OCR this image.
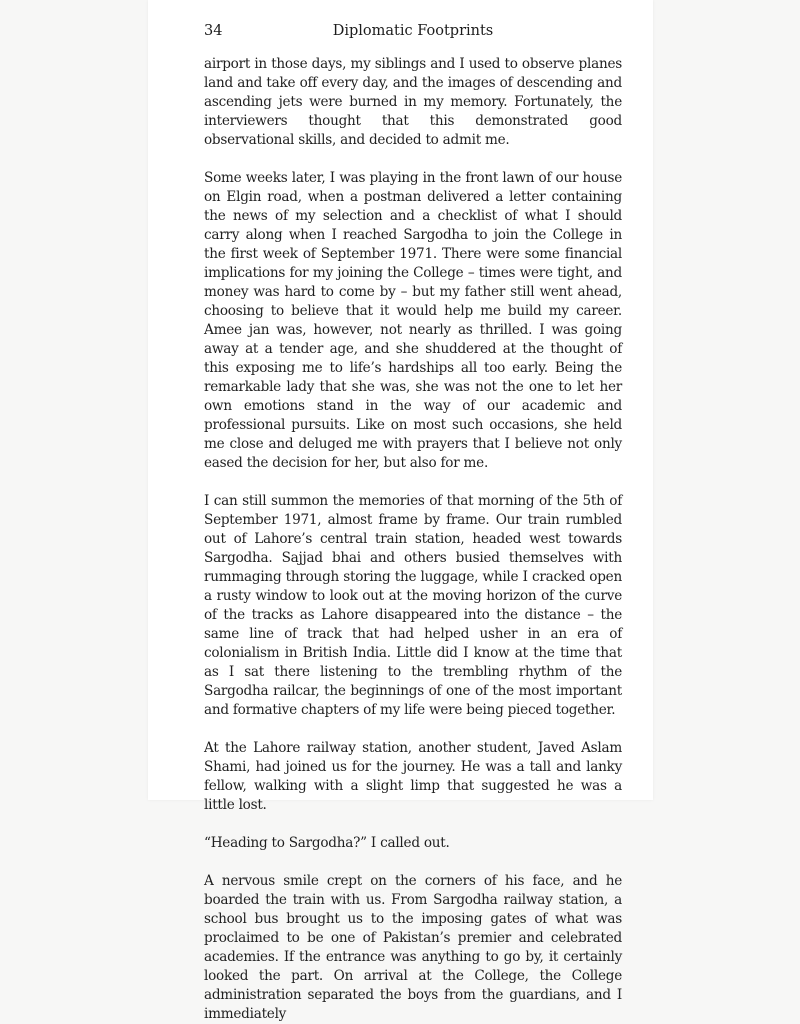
34	Diplomatic Footprints

airport in those days, my siblings and I used to observe planes land and take off every day, and the images of descending and ascending jets were burned in my memory. Fortunately, the interviewers thought that this demonstrated good observational skills, and decided to admit me.

Some weeks later, I was playing in the front lawn of our house on Elgin road, when a postman delivered a letter containing the news of my selection and a checklist of what I should carry along when I reached Sargodha to join the College in the first week of September 1971. There were some financial implications for my joining the College – times were tight, and money was hard to come by – but my father still went ahead, choosing to believe that it would help me build my career. Amee jan was, however, not nearly as thrilled. I was going away at a tender age, and she shuddered at the thought of this exposing me to life’s hardships all too early. Being the remarkable lady that she was, she was not the one to let her own emotions stand in the way of our academic and professional pursuits. Like on most such occasions, she held me close and deluged me with prayers that I believe not only eased the decision for her, but also for me.

I can still summon the memories of that morning of the 5th of September 1971, almost frame by frame. Our train rumbled out of Lahore’s central train station, headed west towards Sargodha. Sajjad bhai and others busied themselves with rummaging through storing the luggage, while I cracked open a rusty window to look out at the moving horizon of the curve of the tracks as Lahore disappeared into the distance – the same line of track that had helped usher in an era of colonialism in British India. Little did I know at the time that as I sat there listening to the trembling rhythm of the Sargodha railcar, the beginnings of one of the most important and formative chapters of my life were being pieced together.

At the Lahore railway station, another student, Javed Aslam Shami, had joined us for the journey. He was a tall and lanky fellow, walking with a slight limp that suggested he was a little lost.

“Heading to Sargodha?” I called out.

A nervous smile crept on the corners of his face, and he boarded the train with us. From Sargodha railway station, a school bus brought us to the imposing gates of what was proclaimed to be one of Pakistan’s premier and celebrated academies. If the entrance was anything to go by, it certainly looked the part. On arrival at the College, the College administration separated the boys from the guardians, and I immediately
